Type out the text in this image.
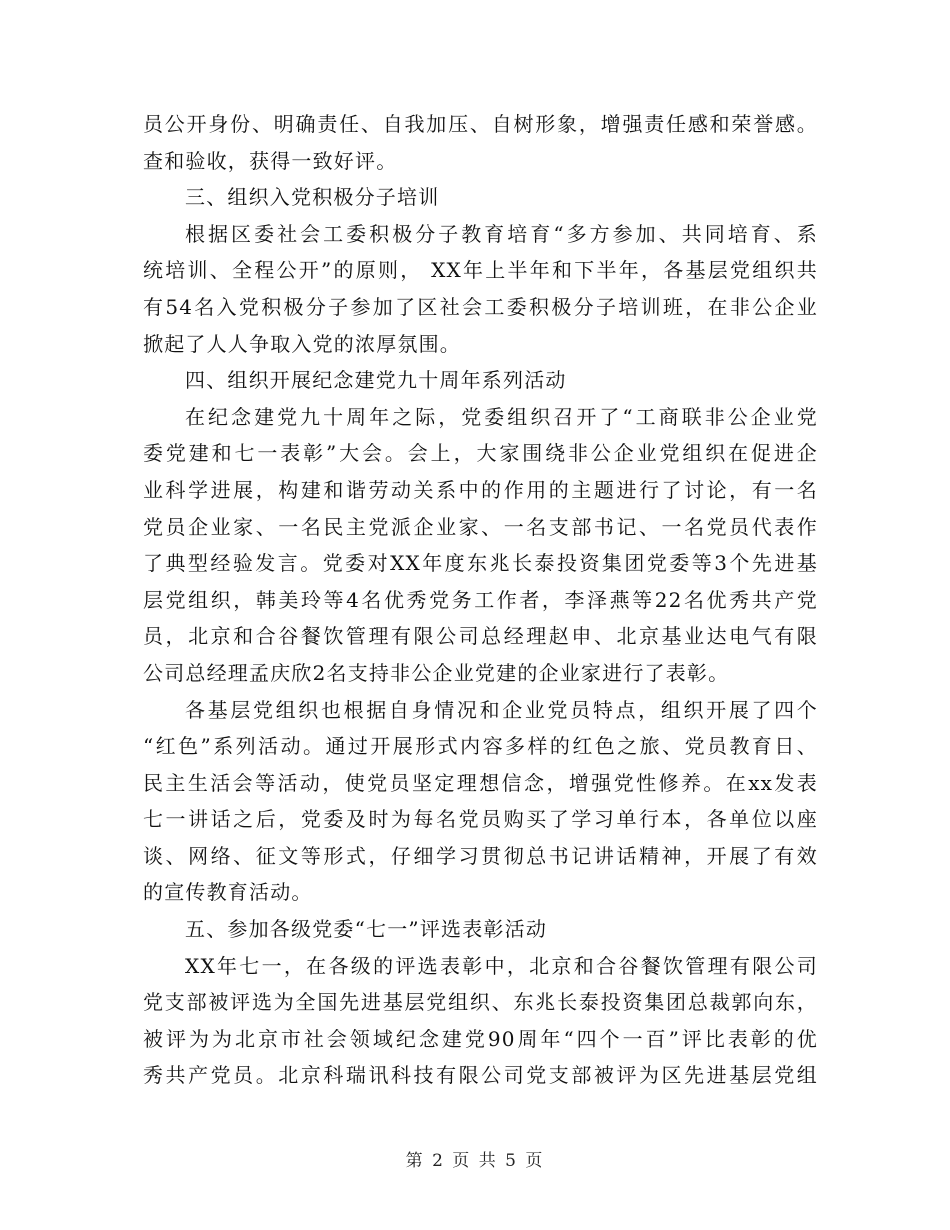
员公开身份、明确责任、自我加压、自树形象，增强责任感和荣誉感。
查和验收，获得一致好评。
三、组织入党积极分子培训
根据区委社会工委积极分子教育培育“多方参加、共同培育、系
统培训、全程公开”的原则， XX年上半年和下半年，各基层党组织共
有54名入党积极分子参加了区社会工委积极分子培训班，在非公企业
掀起了人人争取入党的浓厚氛围。
四、组织开展纪念建党九十周年系列活动
在纪念建党九十周年之际，党委组织召开了“工商联非公企业党
委党建和七一表彰”大会。会上，大家围绕非公企业党组织在促进企
业科学进展，构建和谐劳动关系中的作用的主题进行了讨论，有一名
党员企业家、一名民主党派企业家、一名支部书记、一名党员代表作
了典型经验发言。党委对XX年度东兆长泰投资集团党委等3个先进基
层党组织，韩美玲等4名优秀党务工作者，李泽燕等22名优秀共产党
员，北京和合谷餐饮管理有限公司总经理赵申、北京基业达电气有限
公司总经理孟庆欣2名支持非公企业党建的企业家进行了表彰。
各基层党组织也根据自身情况和企业党员特点，组织开展了四个
“红色”系列活动。通过开展形式内容多样的红色之旅、党员教育日、
民主生活会等活动，使党员坚定理想信念，增强党性修养。在xx发表
七一讲话之后，党委及时为每名党员购买了学习单行本，各单位以座
谈、网络、征文等形式，仔细学习贯彻总书记讲话精神，开展了有效
的宣传教育活动。
五、参加各级党委“七一”评选表彰活动
XX年七一，在各级的评选表彰中，北京和合谷餐饮管理有限公司
党支部被评选为全国先进基层党组织、东兆长泰投资集团总裁郭向东，
被评为为北京市社会领域纪念建党90周年“四个一百”评比表彰的优
秀共产党员。北京科瑞讯科技有限公司党支部被评为区先进基层党组
第 2 页 共 5 页
